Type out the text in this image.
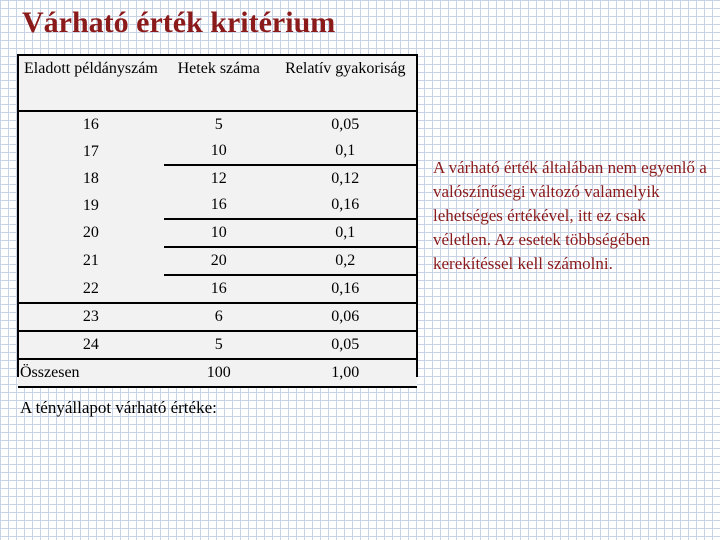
Várható érték kritérium
Eladott példányszám	Hetek száma	Relatív gyakoriság
16	5	0,05
17	10	0,1
18	12	0,12
19	16	0,16
20	10	0,1
21	20	0,2
22	16	0,16
23	6	0,06
24	5	0,05
Összesen	100	1,00

A várható érték általában nem egyenlő a valószínűségi változó valamelyik lehetséges értékével, itt ez csak véletlen. Az esetek többségében kerekítéssel kell számolni.

A tényállapot várható értéke:
